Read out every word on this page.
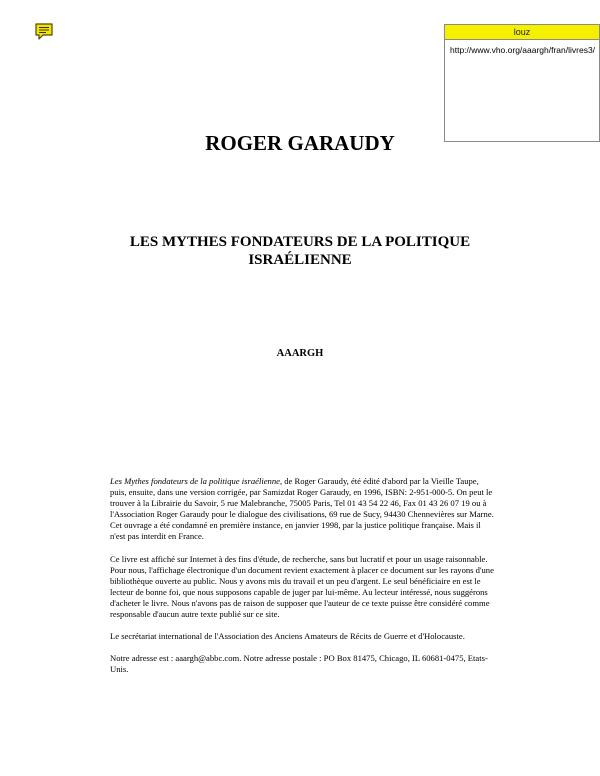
louz
http://www.vho.org/aaargh/fran/livres3/
ROGER GARAUDY
LES MYTHES FONDATEURS DE LA POLITIQUE ISRAÉLIENNE
AAARGH

Les Mythes fondateurs de la politique israélienne, de Roger Garaudy, été édité d'abord par la Vieille Taupe, puis, ensuite, dans une version corrigée, par Samizdat Roger Garaudy, en 1996, ISBN: 2-951-000-5. On peut le trouver à la Librairie du Savoir, 5 rue Malebranche, 75005 Paris, Tel 01 43 54 22 46, Fax 01 43 26 07 19 ou à l'Association Roger Garaudy pour le dialogue des civilisations, 69 rue de Sucy, 94430 Chennevières sur Marne. Cet ouvrage a été condamné en première instance, en janvier 1998, par la justice politique française. Mais il n'est pas interdit en France.

Ce livre est affiché sur Internet à des fins d'étude, de recherche, sans but lucratif et pour un usage raisonnable. Pour nous, l'affichage électronique d'un document revient exactement à placer ce document sur les rayons d'une bibliothèque ouverte au public. Nous y avons mis du travail et un peu d'argent. Le seul bénéficiaire en est le lecteur de bonne foi, que nous supposons capable de juger par lui-même. Au lecteur intéressé, nous suggérons d'acheter le livre. Nous n'avons pas de raison de supposer que l'auteur de ce texte puisse être considéré comme responsable d'aucun autre texte publié sur ce site.

Le secrétariat international de l'Association des Anciens Amateurs de Récits de Guerre et d'Holocauste.

Notre adresse est : aaargh@abbc.com. Notre adresse postale : PO Box 81475, Chicago, IL 60681-0475, Etats-Unis.
